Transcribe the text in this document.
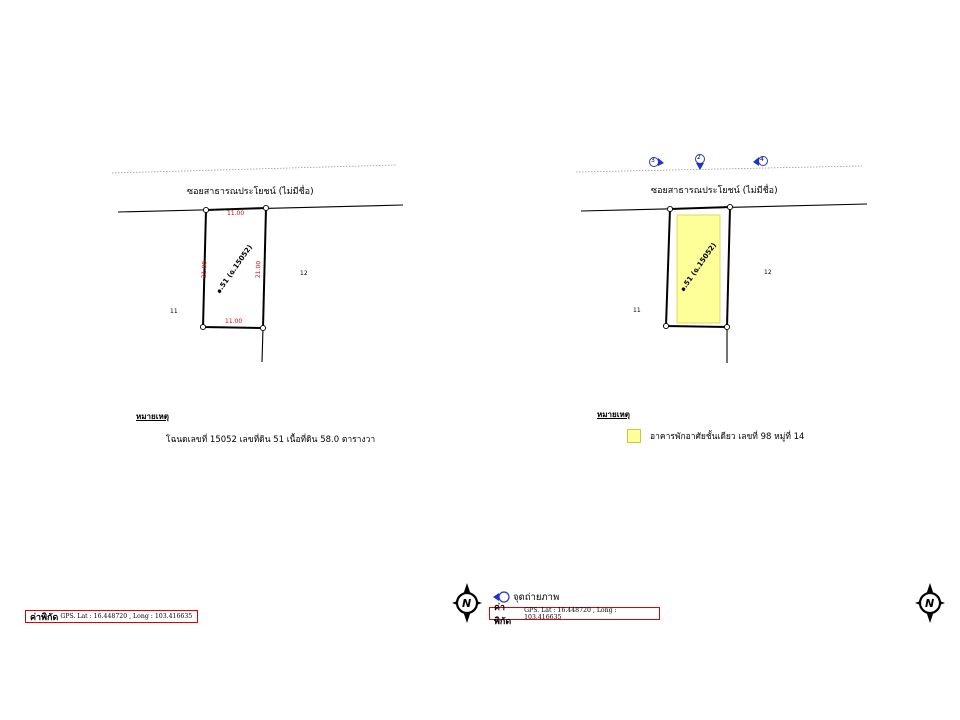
ซอยสาธารณประโยชน์ (ไม่มีชื่อ)
11.00
11.00
21.00	21.00
๑.51 (ฉ.15052)
11
12
หมายเหตุ
โฉนดเลขที่ 15052 เลขที่ดิน 51 เนื้อที่ดิน 58.0 ตารางวา
ค่าพิกัด GPS. Lat : 16.448720 , Long : 103.416635
N
3	2	4
ซอยสาธารณประโยชน์ (ไม่มีชื่อ)
๑.51 (ฉ.15052)
11
12
หมายเหตุ
อาคารพักอาศัยชั้นเดียว เลขที่ 98 หมู่ที่ 14
จุดถ่ายภาพ
ค่าพิกัด
GPS. Lat : 16.448720 , Long : 103.416635
N
